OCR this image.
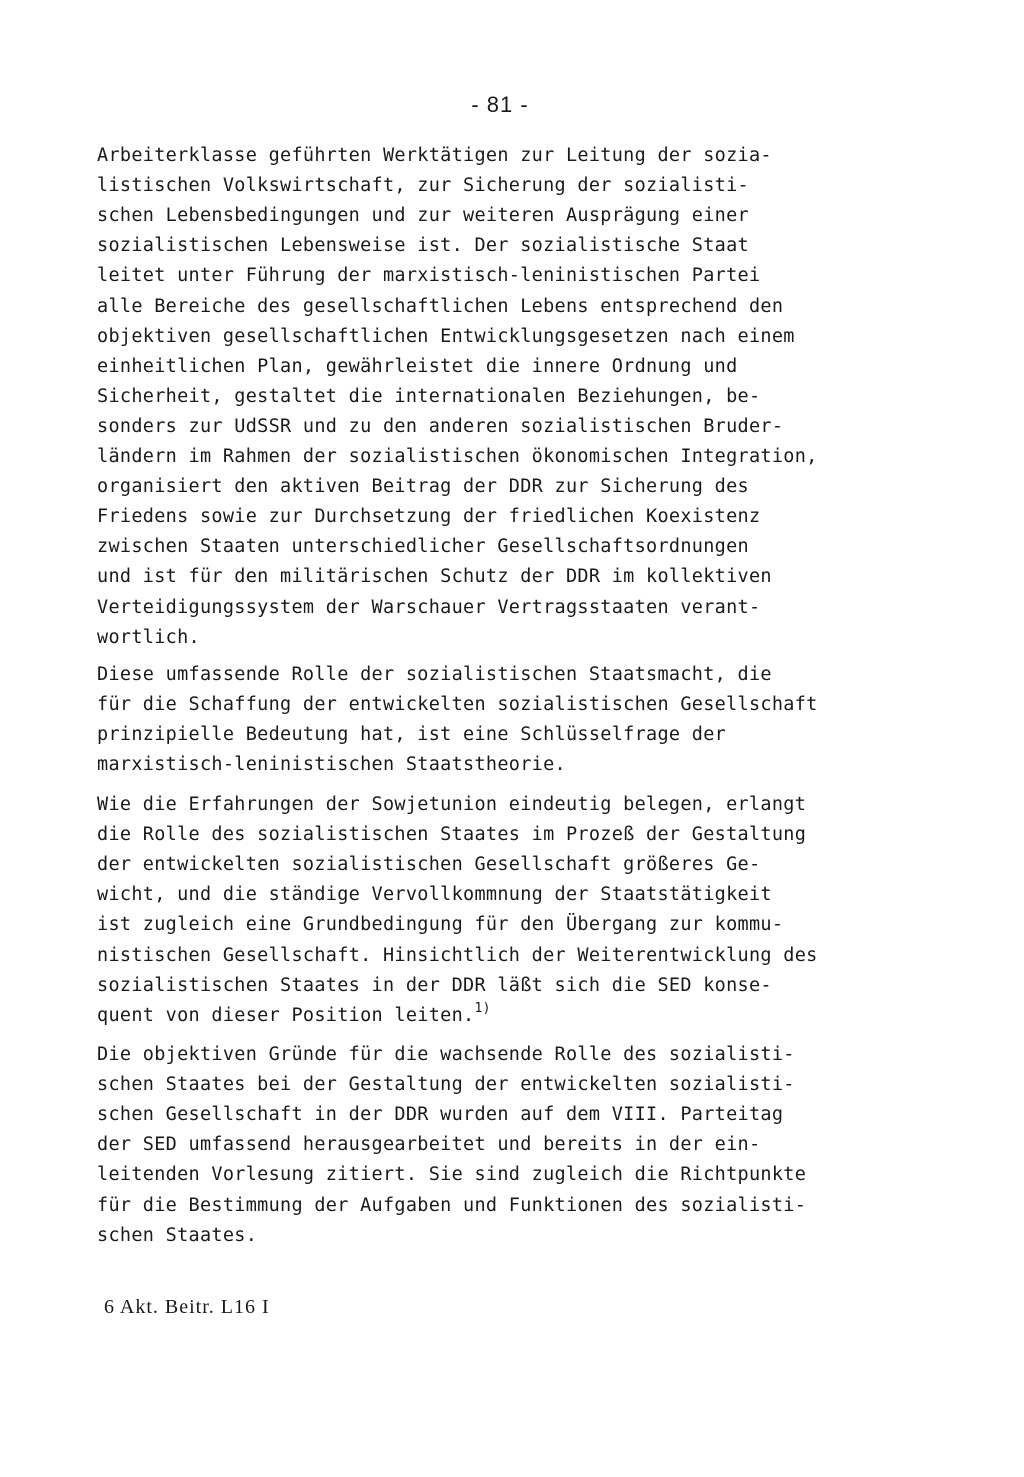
- 81 -
Arbeiterklasse geführten Werktätigen zur Leitung der sozia-
listischen Volkswirtschaft, zur Sicherung der sozialisti-
schen Lebensbedingungen und zur weiteren Ausprägung einer
sozialistischen Lebensweise ist. Der sozialistische Staat
leitet unter Führung der marxistisch-leninistischen Partei
alle Bereiche des gesellschaftlichen Lebens entsprechend den
objektiven gesellschaftlichen Entwicklungsgesetzen nach einem
einheitlichen Plan, gewährleistet die innere Ordnung und
Sicherheit, gestaltet die internationalen Beziehungen, be-
sonders zur UdSSR und zu den anderen sozialistischen Bruder-
ländern im Rahmen der sozialistischen ökonomischen Integration,
organisiert den aktiven Beitrag der DDR zur Sicherung des
Friedens sowie zur Durchsetzung der friedlichen Koexistenz
zwischen Staaten unterschiedlicher Gesellschaftsordnungen
und ist für den militärischen Schutz der DDR im kollektiven
Verteidigungssystem der Warschauer Vertragsstaaten verant-
wortlich.
Diese umfassende Rolle der sozialistischen Staatsmacht, die
für die Schaffung der entwickelten sozialistischen Gesellschaft
prinzipielle Bedeutung hat, ist eine Schlüsselfrage der
marxistisch-leninistischen Staatstheorie.
Wie die Erfahrungen der Sowjetunion eindeutig belegen, erlangt
die Rolle des sozialistischen Staates im Prozeß der Gestaltung
der entwickelten sozialistischen Gesellschaft größeres Ge-
wicht, und die ständige Vervollkommnung der Staatstätigkeit
ist zugleich eine Grundbedingung für den Übergang zur kommu-
nistischen Gesellschaft. Hinsichtlich der Weiterentwicklung des
sozialistischen Staates in der DDR läßt sich die SED konse-
quent von dieser Position leiten.$^{1)}$
Die objektiven Gründe für die wachsende Rolle des sozialisti-
schen Staates bei der Gestaltung der entwickelten sozialisti-
schen Gesellschaft in der DDR wurden auf dem VIII. Parteitag
der SED umfassend herausgearbeitet und bereits in der ein-
leitenden Vorlesung zitiert. Sie sind zugleich die Richtpunkte
für die Bestimmung der Aufgaben und Funktionen des sozialisti-
schen Staates.
6 Akt. Beitr. L16 I
